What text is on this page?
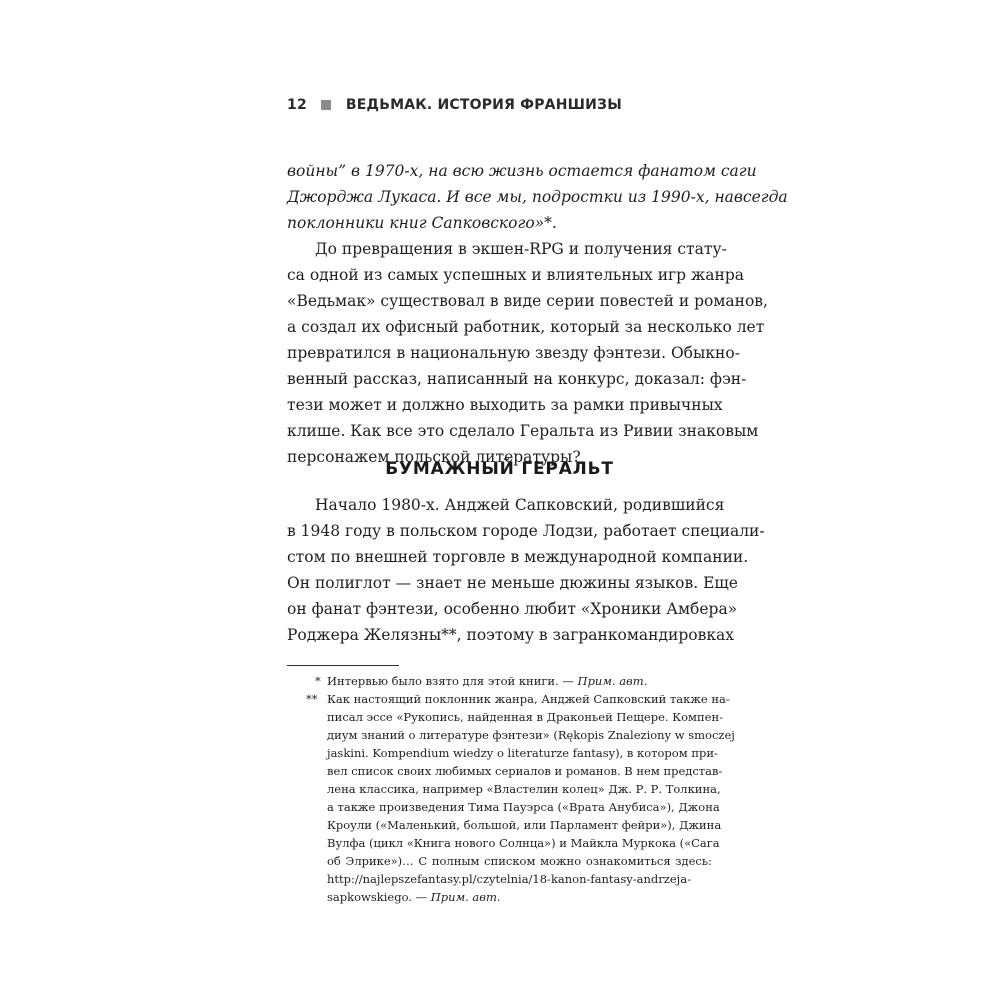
12	ВЕДЬМАК. ИСТОРИЯ ФРАНШИЗЫ
войны” в 1970-х, на всю жизнь остается фанатом саги
Джорджа Лукаса. И все мы, подростки из 1990-х, навсегда
поклонники книг Сапковского»*.
До превращения в экшен-RPG и получения стату-
са одной из самых успешных и влиятельных игр жанра
«Ведьмак» существовал в виде серии повестей и романов,
а создал их офисный работник, который за несколько лет
превратился в национальную звезду фэнтези. Обыкно-
венный рассказ, написанный на конкурс, доказал: фэн-
тези может и должно выходить за рамки привычных
клише. Как все это сделало Геральта из Ривии знаковым
персонажем польской литературы?
БУМАЖНЫЙ ГЕРАЛЬТ
Начало 1980-х. Анджей Сапковский, родившийся
в 1948 году в польском городе Лодзи, работает специали-
стом по внешней торговле в международной компании.
Он полиглот — знает не меньше дюжины языков. Еще
он фанат фэнтези, особенно любит «Хроники Амбера»
Роджера Желязны**, поэтому в загранкомандировках
* Интервью было взято для этой книги. — Прим. авт.
** Как настоящий поклонник жанра, Анджей Сапковский также на-
писал эссе «Рукопись, найденная в Драконьей Пещере. Компен-
диум знаний о литературе фэнтези» (Rękopis Znaleziony w smoczej
jaskini. Kompendium wiedzy o literaturze fantasy), в котором при-
вел список своих любимых сериалов и романов. В нем представ-
лена классика, например «Властелин колец» Дж. Р. Р. Толкина,
а также произведения Тима Пауэрса («Врата Анубиса»), Джона
Кроули («Маленький, большой, или Парламент фейри»), Джина
Вулфа (цикл «Книга нового Солнца») и Майкла Муркока («Сага
об Элрике»)… С полным списком можно ознакомиться здесь:
http://najlepszefantasy.pl/czytelnia/18-kanon-fantasy-andrzeja-
sapkowskiego. — Прим. авт.
